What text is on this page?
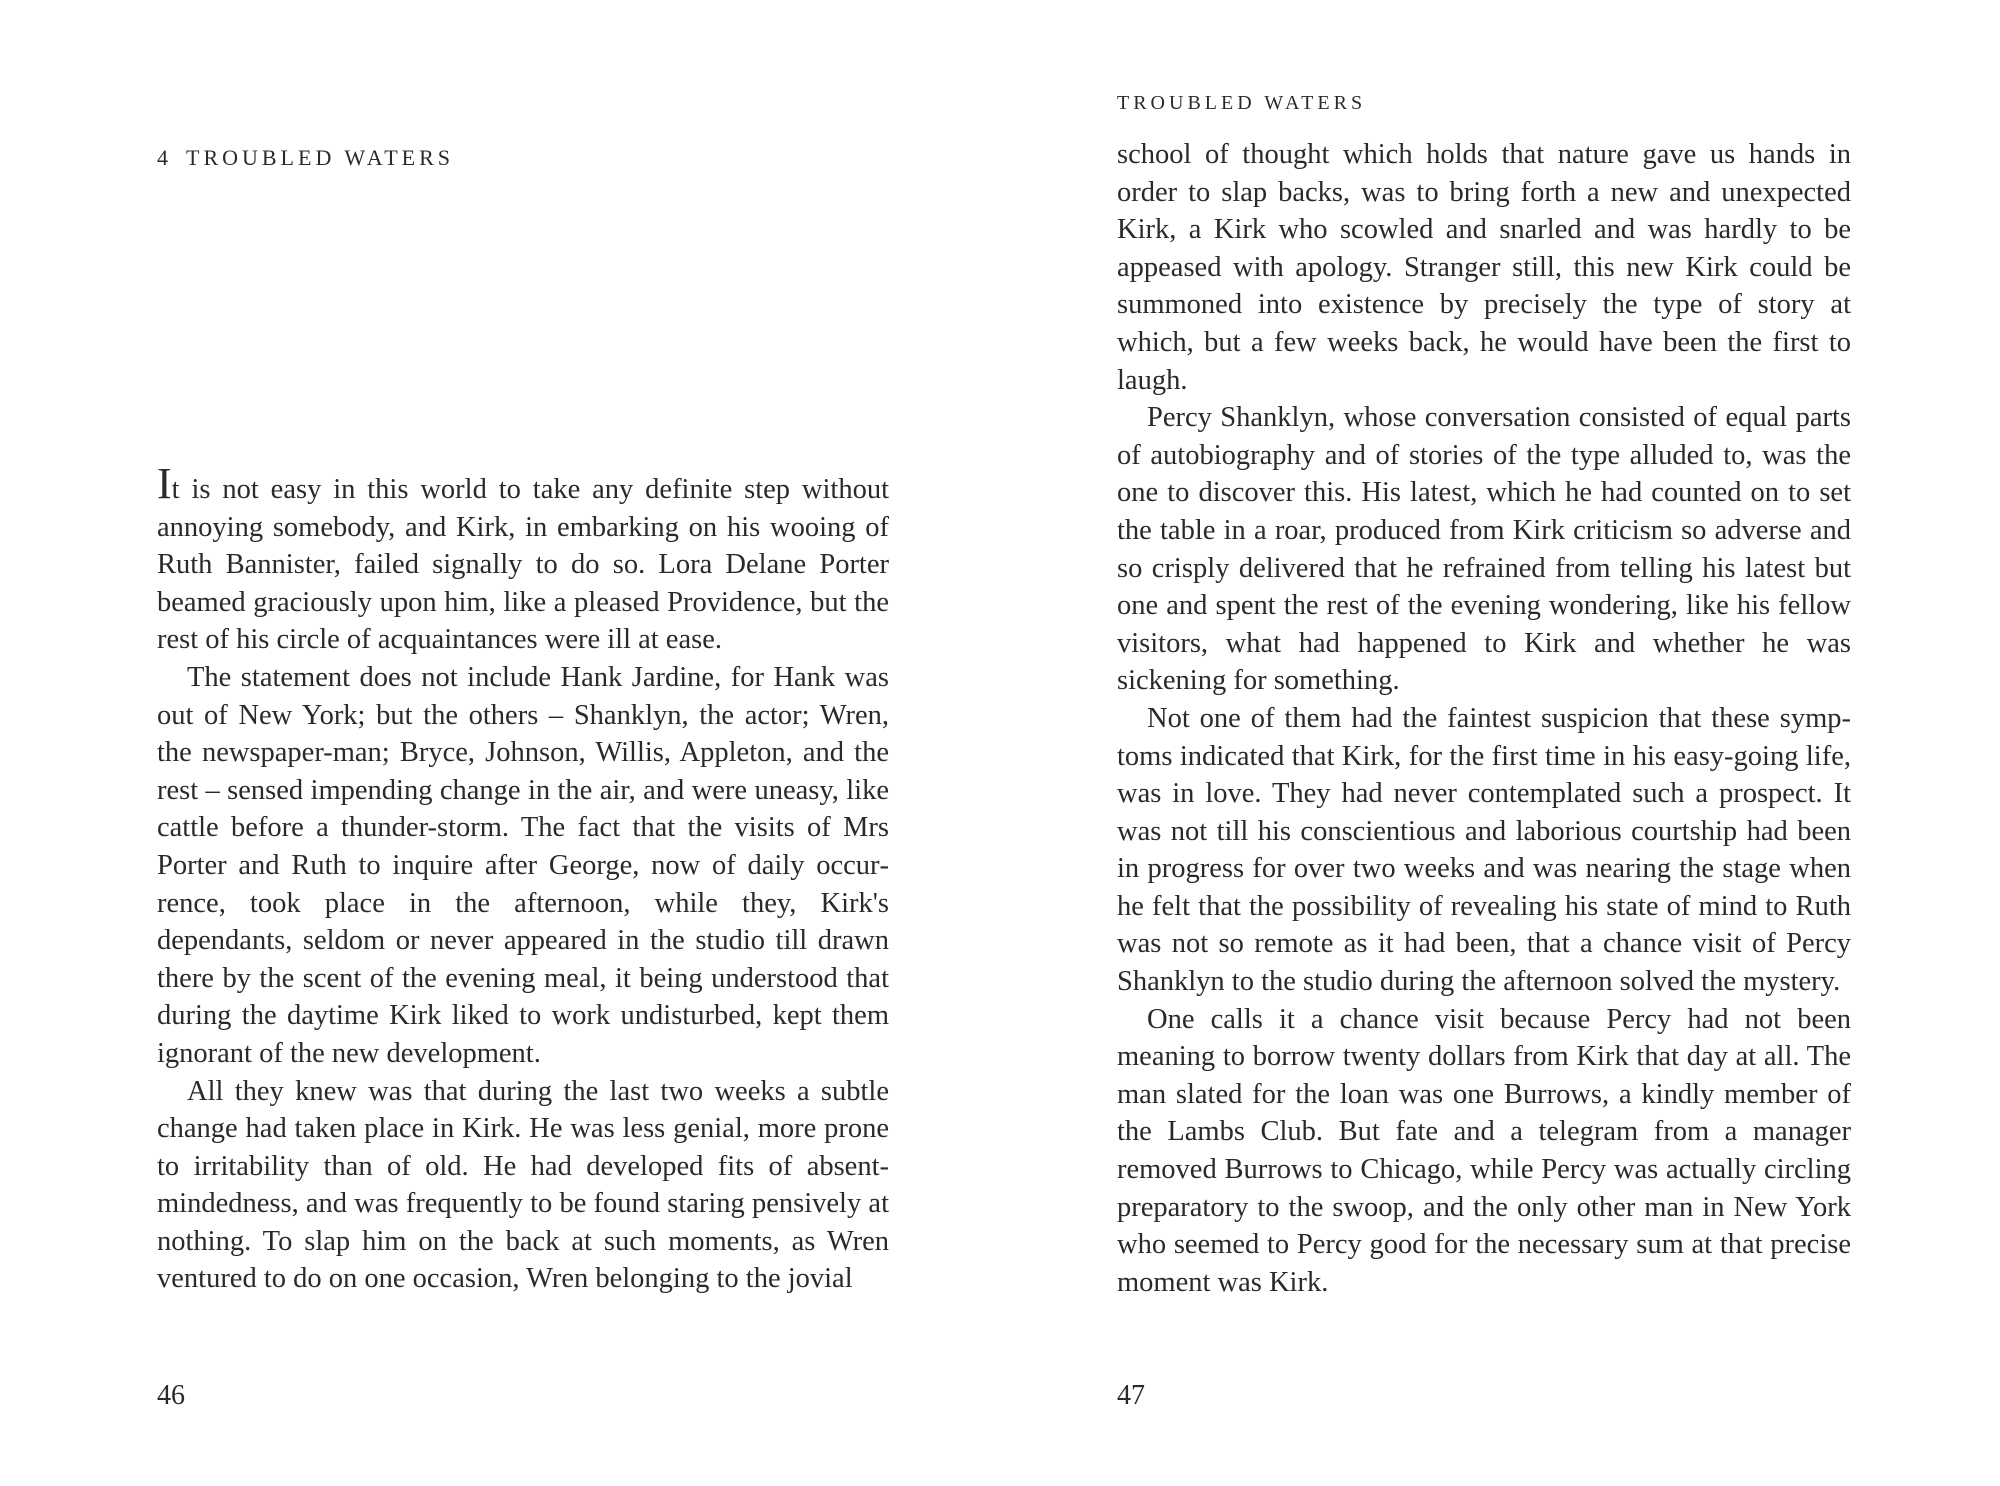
4 TROUBLED WATERS

It is not easy in this world to take any definite step without annoying somebody, and Kirk, in embarking on his wooing of Ruth Bannister, failed signally to do so. Lora Delane Porter beamed graciously upon him, like a pleased Providence, but the rest of his circle of acquaintances were ill at ease.

The statement does not include Hank Jardine, for Hank was out of New York; but the others – Shanklyn, the actor; Wren, the newspaper-man; Bryce, Johnson, Willis, Appleton, and the rest – sensed impending change in the air, and were uneasy, like cattle before a thunder-storm. The fact that the visits of Mrs Porter and Ruth to inquire after George, now of daily occurrence, took place in the afternoon, while they, Kirk's dependants, seldom or never appeared in the studio till drawn there by the scent of the evening meal, it being understood that during the daytime Kirk liked to work undisturbed, kept them ignorant of the new development.

All they knew was that during the last two weeks a subtle change had taken place in Kirk. He was less genial, more prone to irritability than of old. He had developed fits of absentmindedness, and was frequently to be found staring pensively at nothing. To slap him on the back at such moments, as Wren ventured to do on one occasion, Wren belonging to the jovial

46
TROUBLED WATERS

school of thought which holds that nature gave us hands in order to slap backs, was to bring forth a new and unexpected Kirk, a Kirk who scowled and snarled and was hardly to be appeased with apology. Stranger still, this new Kirk could be summoned into existence by precisely the type of story at which, but a few weeks back, he would have been the first to laugh.

Percy Shanklyn, whose conversation consisted of equal parts of autobiography and of stories of the type alluded to, was the one to discover this. His latest, which he had counted on to set the table in a roar, produced from Kirk criticism so adverse and so crisply delivered that he refrained from telling his latest but one and spent the rest of the evening wondering, like his fellow visitors, what had happened to Kirk and whether he was sickening for something.

Not one of them had the faintest suspicion that these symptoms indicated that Kirk, for the first time in his easy-going life, was in love. They had never contemplated such a prospect. It was not till his conscientious and laborious courtship had been in progress for over two weeks and was nearing the stage when he felt that the possibility of revealing his state of mind to Ruth was not so remote as it had been, that a chance visit of Percy Shanklyn to the studio during the afternoon solved the mystery.

One calls it a chance visit because Percy had not been meaning to borrow twenty dollars from Kirk that day at all. The man slated for the loan was one Burrows, a kindly member of the Lambs Club. But fate and a telegram from a manager removed Burrows to Chicago, while Percy was actually circling preparatory to the swoop, and the only other man in New York who seemed to Percy good for the necessary sum at that precise moment was Kirk.

47
